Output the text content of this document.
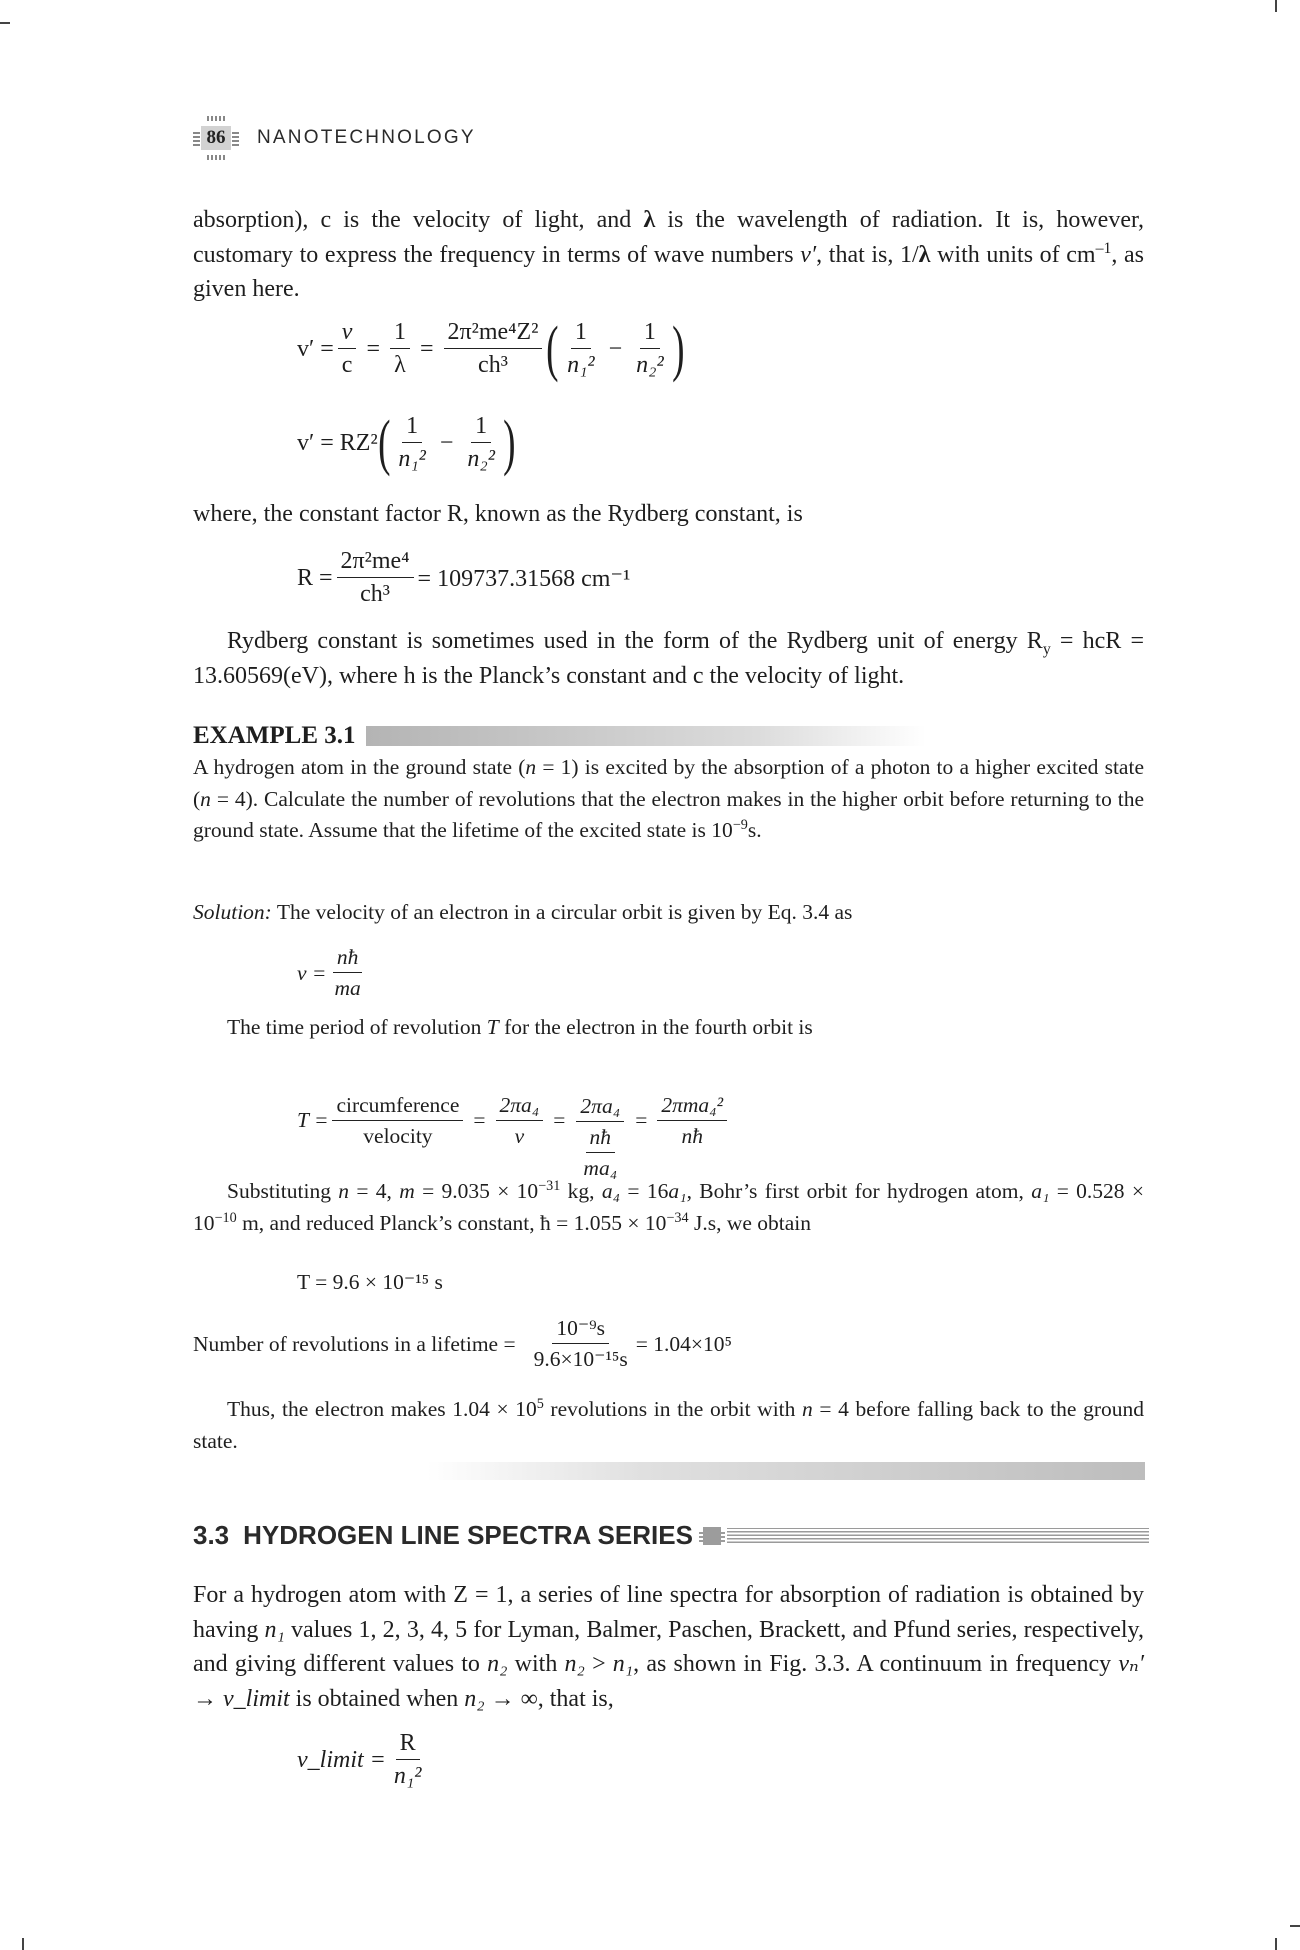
86 NANOTECHNOLOGY

absorption), c is the velocity of light, and λ is the wavelength of radiation. It is, however, customary to express the frequency in terms of wave numbers v′, that is, 1/λ with units of $cm^{-1}$, as given here.

$v' = \frac{v}{c} = \frac{1}{\lambda} = \frac{\text{2π²me⁴Z²}}{\text{ch³}}$ ( $\frac{1}{\text{n₁²}} - \frac{1}{\text{n₂²}}$ )
v′ = RZ² ( $\frac{1}{\text{n₁²}} - \frac{1}{\text{n₂²}}$ )

where, the constant factor R, known as the Rydberg constant, is

$R = \frac{\text{2π²me⁴}}{\text{ch³}} = 109737.31568$ cm⁻¹

Rydberg constant is sometimes used in the form of the Rydberg unit of energy $R_y$ = hcR = 13.60569(eV), where h is the Planck’s constant and c the velocity of light.

EXAMPLE 3.1

A hydrogen atom in the ground state (n = 1) is excited by the absorption of a photon to a higher excited state (n = 4). Calculate the number of revolutions that the electron makes in the higher orbit before returning to the ground state. Assume that the lifetime of the excited state is $10^{-9}s$.

Solution: The velocity of an electron in a circular orbit is given by Eq. 3.4 as

$v = \frac{nħ}{ma}$

The time period of revolution T for the electron in the fourth orbit is

$T = \frac{\text{circumference}}{\text{velocity}} = \frac{\text{2πa₄}}{v} = \frac{\text{2πa₄}}{\frac{nħ}{\text{ma₄}}} = \frac{\text{2πma₄²}}{nħ}$

Substituting n = 4, $m = 9.035 \times 10^{-31}$ kg, a₄ = 16a₁, Bohr’s first orbit for hydrogen atom, $a_1 = 0.528 \times 10^{-10}$ m, and reduced Planck’s constant, ħ = $1.055 \times 10^{-34}$ J.s, we obtain

T = 9.6 × 10⁻¹⁵ s
Number of revolutions in a lifetime = $\frac{\text{10⁻⁹s}}{\text{9.6×10⁻¹⁵s}} = 1.04\times 10^5$

Thus, the electron makes $1.04 \times 10^5$ revolutions in the orbit with n = 4 before falling back to the ground state.

3.3 HYDROGEN LINE SPECTRA SERIES

For a hydrogen atom with Z = 1, a series of line spectra for absorption of radiation is obtained by having n₁ values 1, 2, 3, 4, 5 for Lyman, Balmer, Paschen, Brackett, and Pfund series, respectively, and giving different values to n₂ with n₂ > n₁, as shown in Fig. 3.3. A continuum in frequency vₙ′ → v_limit is obtained when n₂ → ∞, that is,

v_limit = $\frac{R}{\text{n₁²}}$
